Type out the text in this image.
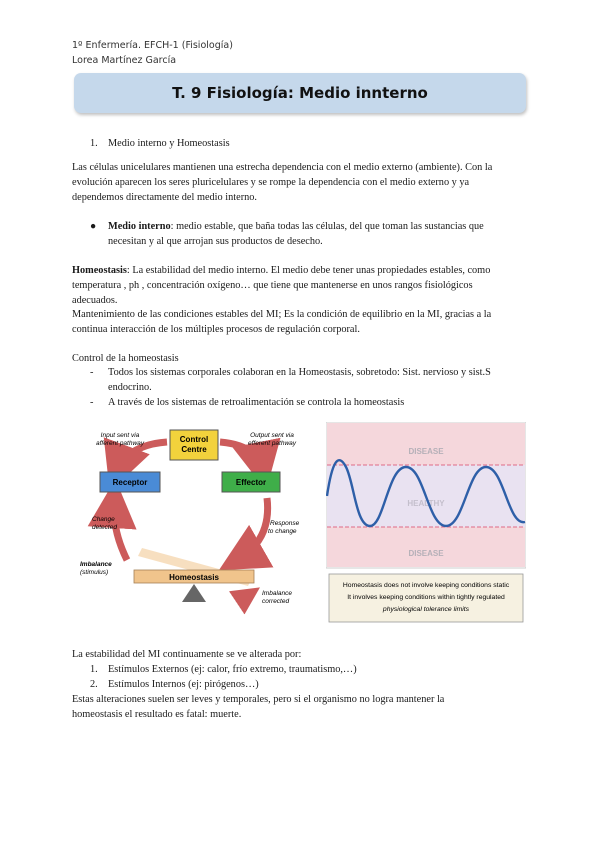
1º Enfermería. EFCH-1 (Fisiología)
Lorea Martínez García
T. 9 Fisiología: Medio innterno
1. Medio interno y Homeostasis
Las células unicelulares mantienen una estrecha dependencia con el medio externo (ambiente). Con la
evolución aparecen los seres pluricelulares y se rompe la dependencia con el medio externo y ya
dependemos directamente del medio interno.
●	Medio interno: medio estable, que baña todas las células, del que toman las sustancias que
necesitan y al que arrojan sus productos de desecho.
Homeostasis: La estabilidad del medio interno. El medio debe tener unas propiedades estables, como
temperatura , ph , concentración oxígeno… que tiene que mantenerse en unos rangos fisiológicos
adecuados.
Mantenimiento de las condiciones estables del MI; Es la condición de equilibrio en la MI, gracias a la
continua interacción de los múltiples procesos de regulación corporal.
Control de la homeostasis
-	Todos los sistemas corporales colaboran en la Homeostasis, sobretodo: Sist. nervioso y sist.S
endocrino.
-	A través de los sistemas de retroalimentación se controla la homeostasis
Control
Centre
Receptor	Effector
Input sent via
afferent pathway
Output sent via
efferent pathway
Change
detected
Response
to change
Imbalance
(stimulus)
Imbalance
corrected
Homeostasis
DISEASE
HEALTHY
DISEASE
Homeostasis does not involve keeping conditions static
It involves keeping conditions within tightly regulated
physiological tolerance limits
La estabilidad del MI continuamente se ve alterada por:
1. Estímulos Externos (ej: calor, frío extremo, traumatismo,…)
2. Estímulos Internos (ej: pirógenos…)
Estas alteraciones suelen ser leves y temporales, pero si el organismo no logra mantener la
homeostasis el resultado es fatal: muerte.
